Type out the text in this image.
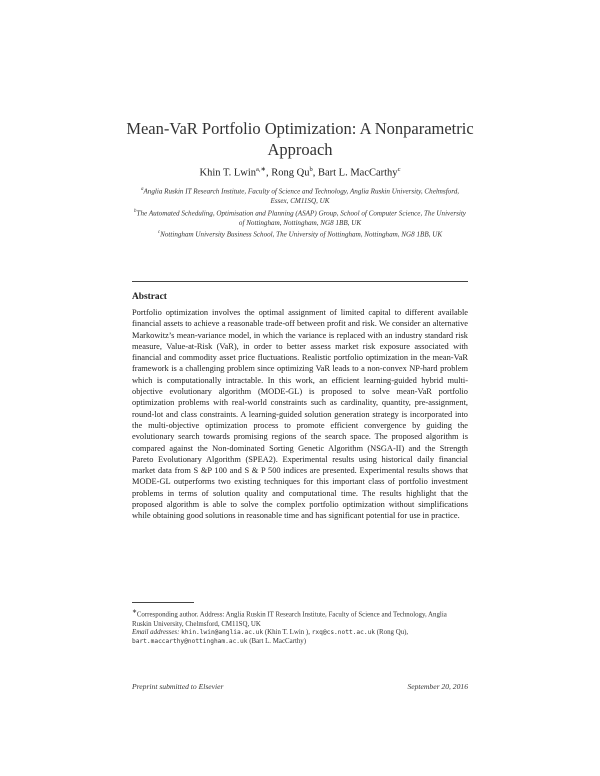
Mean-VaR Portfolio Optimization: A Nonparametric
Approach
Khin T. Lwin$^{a,∗}$, Rong Qu$^b$, Bart L. MacCarthy$^c$
$^a$Anglia Ruskin IT Research Institute, Faculty of Science and Technology, Anglia Ruskin University, Chelmsford, Essex, CM11SQ, UK
$^b$The Automated Scheduling, Optimisation and Planning (ASAP) Group, School of Computer Science, The University of Nottingham, Nottingham, NG8 1BB, UK
$^c$Nottingham University Business School, The University of Nottingham, Nottingham, NG8 1BB, UK
Abstract
Portfolio optimization involves the optimal assignment of limited capital to different available financial assets to achieve a reasonable trade-off between profit and risk. We consider an alternative Markowitz’s mean-variance model, in which the variance is replaced with an industry standard risk measure, Value-at-Risk (VaR), in order to better assess market risk exposure associated with financial and commodity asset price fluctuations. Realistic portfolio optimization in the mean-VaR framework is a challenging problem since optimizing VaR leads to a non-convex NP-hard problem which is computationally intractable. In this work, an efficient learning-guided hybrid multi-objective evolutionary algorithm (MODE-GL) is proposed to solve mean-VaR portfolio optimization problems with real-world constraints such as cardinality, quantity, pre-assignment, round-lot and class constraints. A learning-guided solution generation strategy is incorporated into the multi-objective optimization process to promote efficient convergence by guiding the evolutionary search towards promising regions of the search space. The proposed algorithm is compared against the Non-dominated Sorting Genetic Algorithm (NSGA-II) and the Strength Pareto Evolutionary Algorithm (SPEA2). Experimental results using historical daily financial market data from S &P 100 and S & P 500 indices are presented. Experimental results shows that MODE-GL outperforms two existing techniques for this important class of portfolio investment problems in terms of solution quality and computational time. The results highlight that the proposed algorithm is able to solve the complex portfolio optimization without simplifications while obtaining good solutions in reasonable time and has significant potential for use in practice.
∗Corresponding author. Address: Anglia Ruskin IT Research Institute, Faculty of Science and Technology, Anglia Ruskin University, Chelmsford, CM11SQ, UK
Email addresses: khin.lwin@anglia.ac.uk (Khin T. Lwin ), rxq@cs.nott.ac.uk (Rong Qu), bart.maccarthy@nottingham.ac.uk (Bart L. MacCarthy)
Preprint submitted to Elsevier	September 20, 2016
